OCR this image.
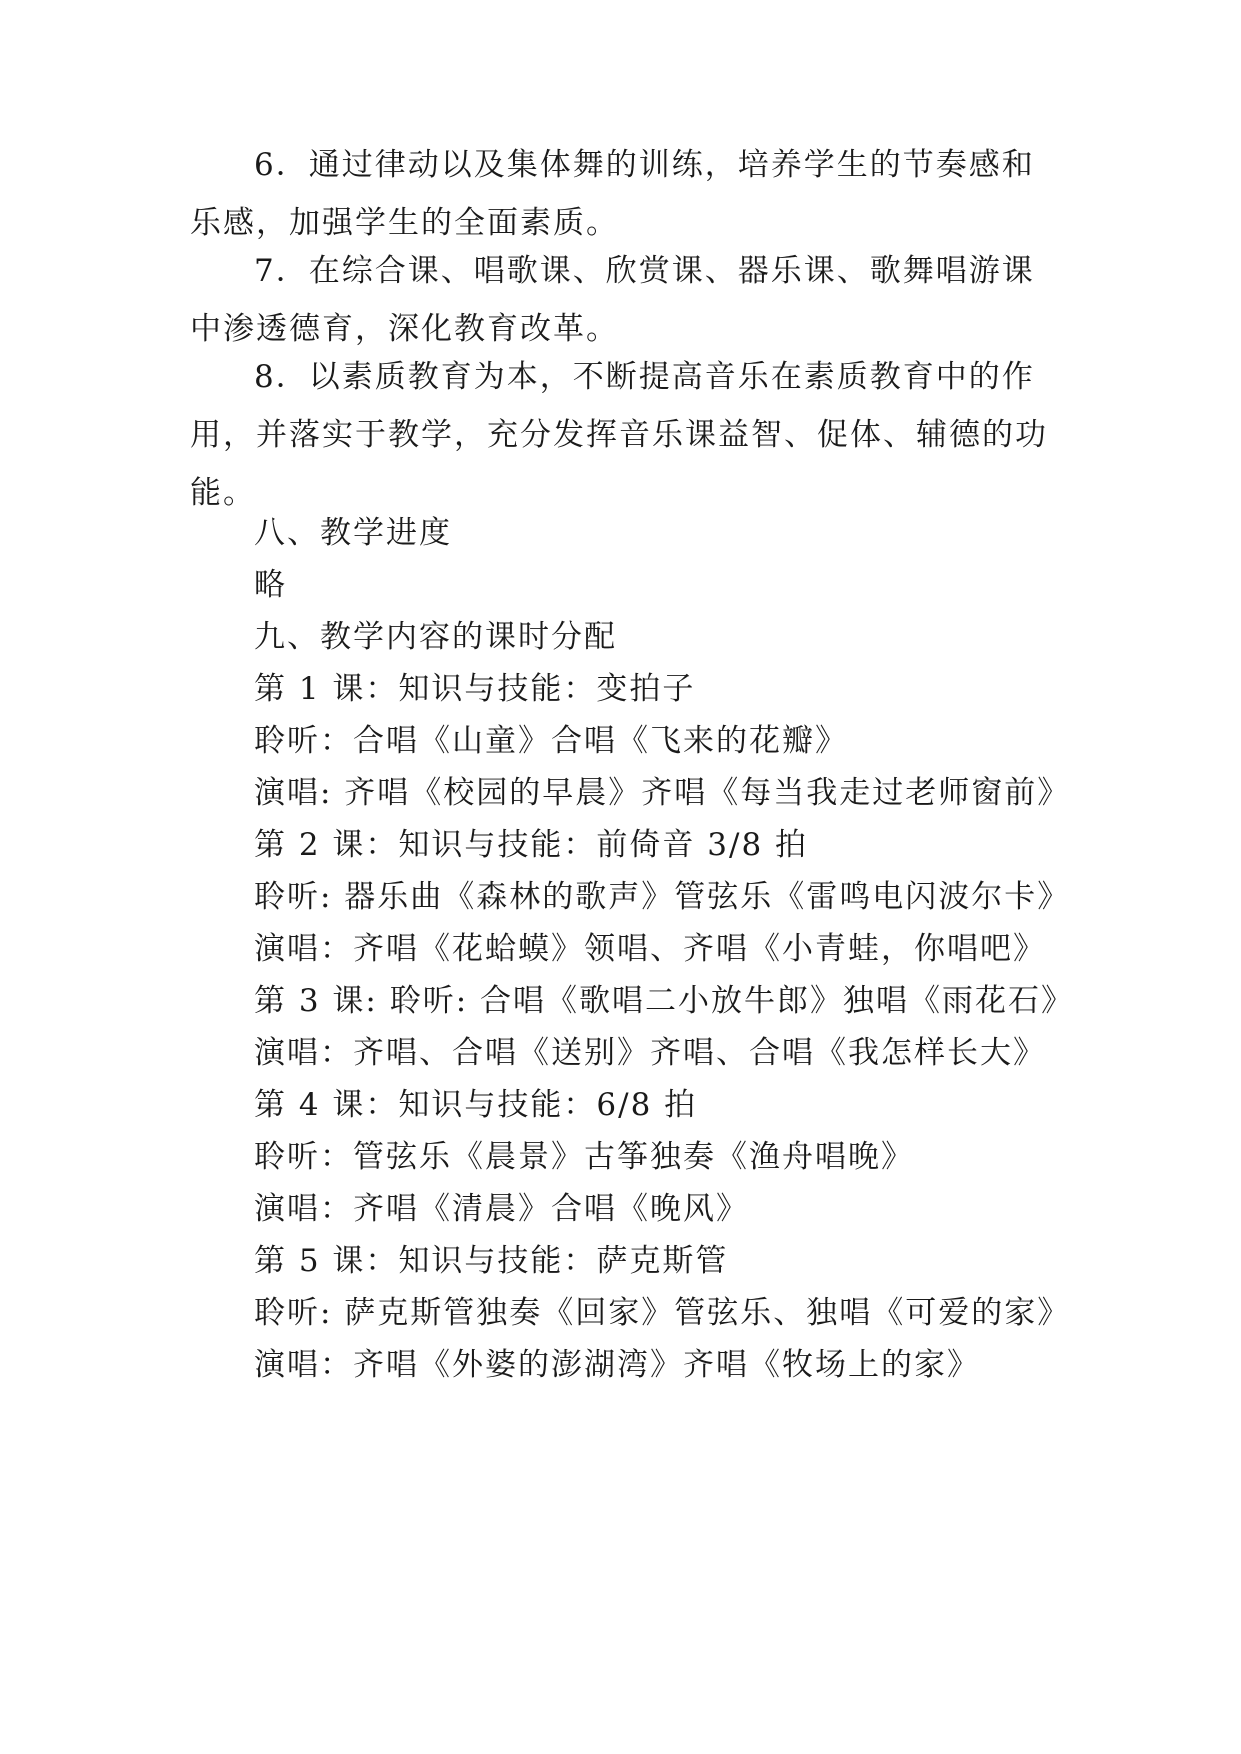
6．通过律动以及集体舞的训练，培养学生的节奏感和乐感，加强学生的全面素质。

7．在综合课、唱歌课、欣赏课、器乐课、歌舞唱游课中渗透德育，深化教育改革。

8．以素质教育为本，不断提高音乐在素质教育中的作用，并落实于教学，充分发挥音乐课益智、促体、辅德的功能。

八、教学进度

略

九、教学内容的课时分配

第 1 课：知识与技能：变拍子

聆听：合唱《山童》合唱《飞来的花瓣》

演唱: 齐唱《校园的早晨》齐唱《每当我走过老师窗前》

第 2 课：知识与技能：前倚音 3/8 拍

聆听: 器乐曲《森林的歌声》管弦乐《雷鸣电闪波尔卡》

演唱：齐唱《花蛤蟆》领唱、齐唱《小青蛙，你唱吧》

第 3 课: 聆听: 合唱《歌唱二小放牛郎》独唱《雨花石》

演唱：齐唱、合唱《送别》齐唱、合唱《我怎样长大》

第 4 课：知识与技能：6/8 拍

聆听：管弦乐《晨景》古筝独奏《渔舟唱晚》

演唱：齐唱《清晨》合唱《晚风》

第 5 课：知识与技能：萨克斯管

聆听: 萨克斯管独奏《回家》管弦乐、独唱《可爱的家》

演唱：齐唱《外婆的澎湖湾》齐唱《牧场上的家》
